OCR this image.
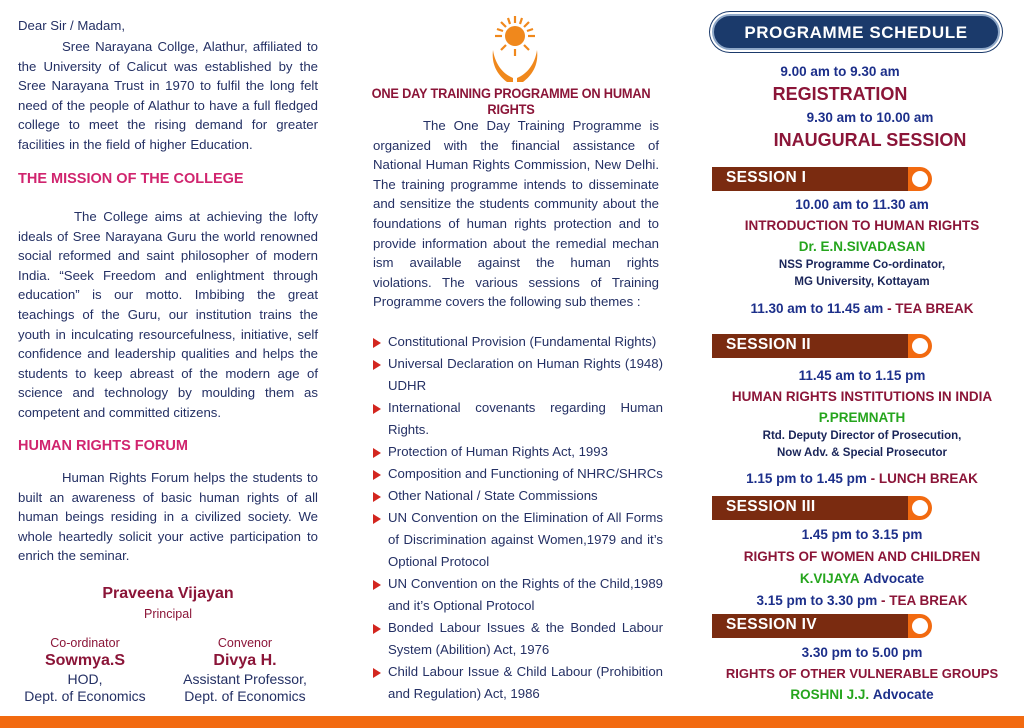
Dear Sir / Madam,
Sree Narayana Collge, Alathur, affiliated to the University of Calicut was established by the Sree Narayana Trust in 1970 to fulfil the long felt need of the people of Alathur to have a full fledged college to meet the rising demand for greater facilities in the field of higher Education.
THE MISSION OF THE COLLEGE
The College aims at achieving the lofty ideals of Sree Narayana Guru the world renowned social reformed and saint philosopher of modern India. “Seek Freedom and enlightment through education” is our motto. Imbibing the great teachings of the Guru, our institution trains the youth in inculcating resourcefulness, initiative, self confidence and leadership qualities and helps the students to keep abreast of the modern age of science and technology by moulding them as competent and committed citizens.
HUMAN RIGHTS FORUM
Human Rights Forum helps the students to built an awareness of basic human rights of all human beings residing in a civilized society. We whole heartedly solicit your active participation to enrich the seminar.
Praveena Vijayan
Principal
Co-ordinator
Sowmya.S
HOD,
Dept. of Economics
Convenor
Divya H.
Assistant Professor,
Dept. of Economics
ONE DAY TRAINING PROGRAMME ON HUMAN RIGHTS
The One Day Training Programme is organized with the financial assistance of National Human Rights Commission, New Delhi. The training programme intends to disseminate and sensitize the students community about the foundations of human rights protection and to provide information about the remedial mechan ism available against the human rights violations. The various sessions of Training Programme covers the following sub themes :
Constitutional Provision (Fundamental Rights)
Universal Declaration on Human Rights (1948) UDHR
International covenants regarding Human Rights.
Protection of Human Rights Act, 1993
Composition and Functioning of NHRC/SHRCs
Other National / State Commissions
UN Convention on the Elimination of All Forms of Discrimination against Women,1979 and it’s Optional Protocol
UN Convention on the Rights of the Child,1989 and it’s Optional Protocol
Bonded Labour Issues & the Bonded Labour System (Abilition) Act, 1976
Child Labour Issue & Child Labour (Prohibition and Regulation) Act, 1986
PROGRAMME SCHEDULE
9.00 am to 9.30 am
REGISTRATION
9.30 am to 10.00 am
INAUGURAL SESSION
SESSION I
10.00 am to 11.30 am
INTRODUCTION TO HUMAN RIGHTS
Dr. E.N.SIVADASAN
NSS Programme Co-ordinator,
MG University, Kottayam
11.30 am to 11.45 am - TEA BREAK
SESSION II
11.45 am to 1.15 pm
HUMAN RIGHTS INSTITUTIONS IN INDIA
P.PREMNATH
Rtd. Deputy Director of Prosecution,
Now Adv. & Special Prosecutor
1.15 pm to 1.45 pm - LUNCH BREAK
SESSION III
1.45 pm to 3.15 pm
RIGHTS OF WOMEN AND CHILDREN
K.VIJAYA Advocate
3.15 pm to 3.30 pm - TEA BREAK
SESSION IV
3.30 pm to 5.00 pm
RIGHTS OF OTHER VULNERABLE GROUPS
ROSHNI J.J. Advocate
